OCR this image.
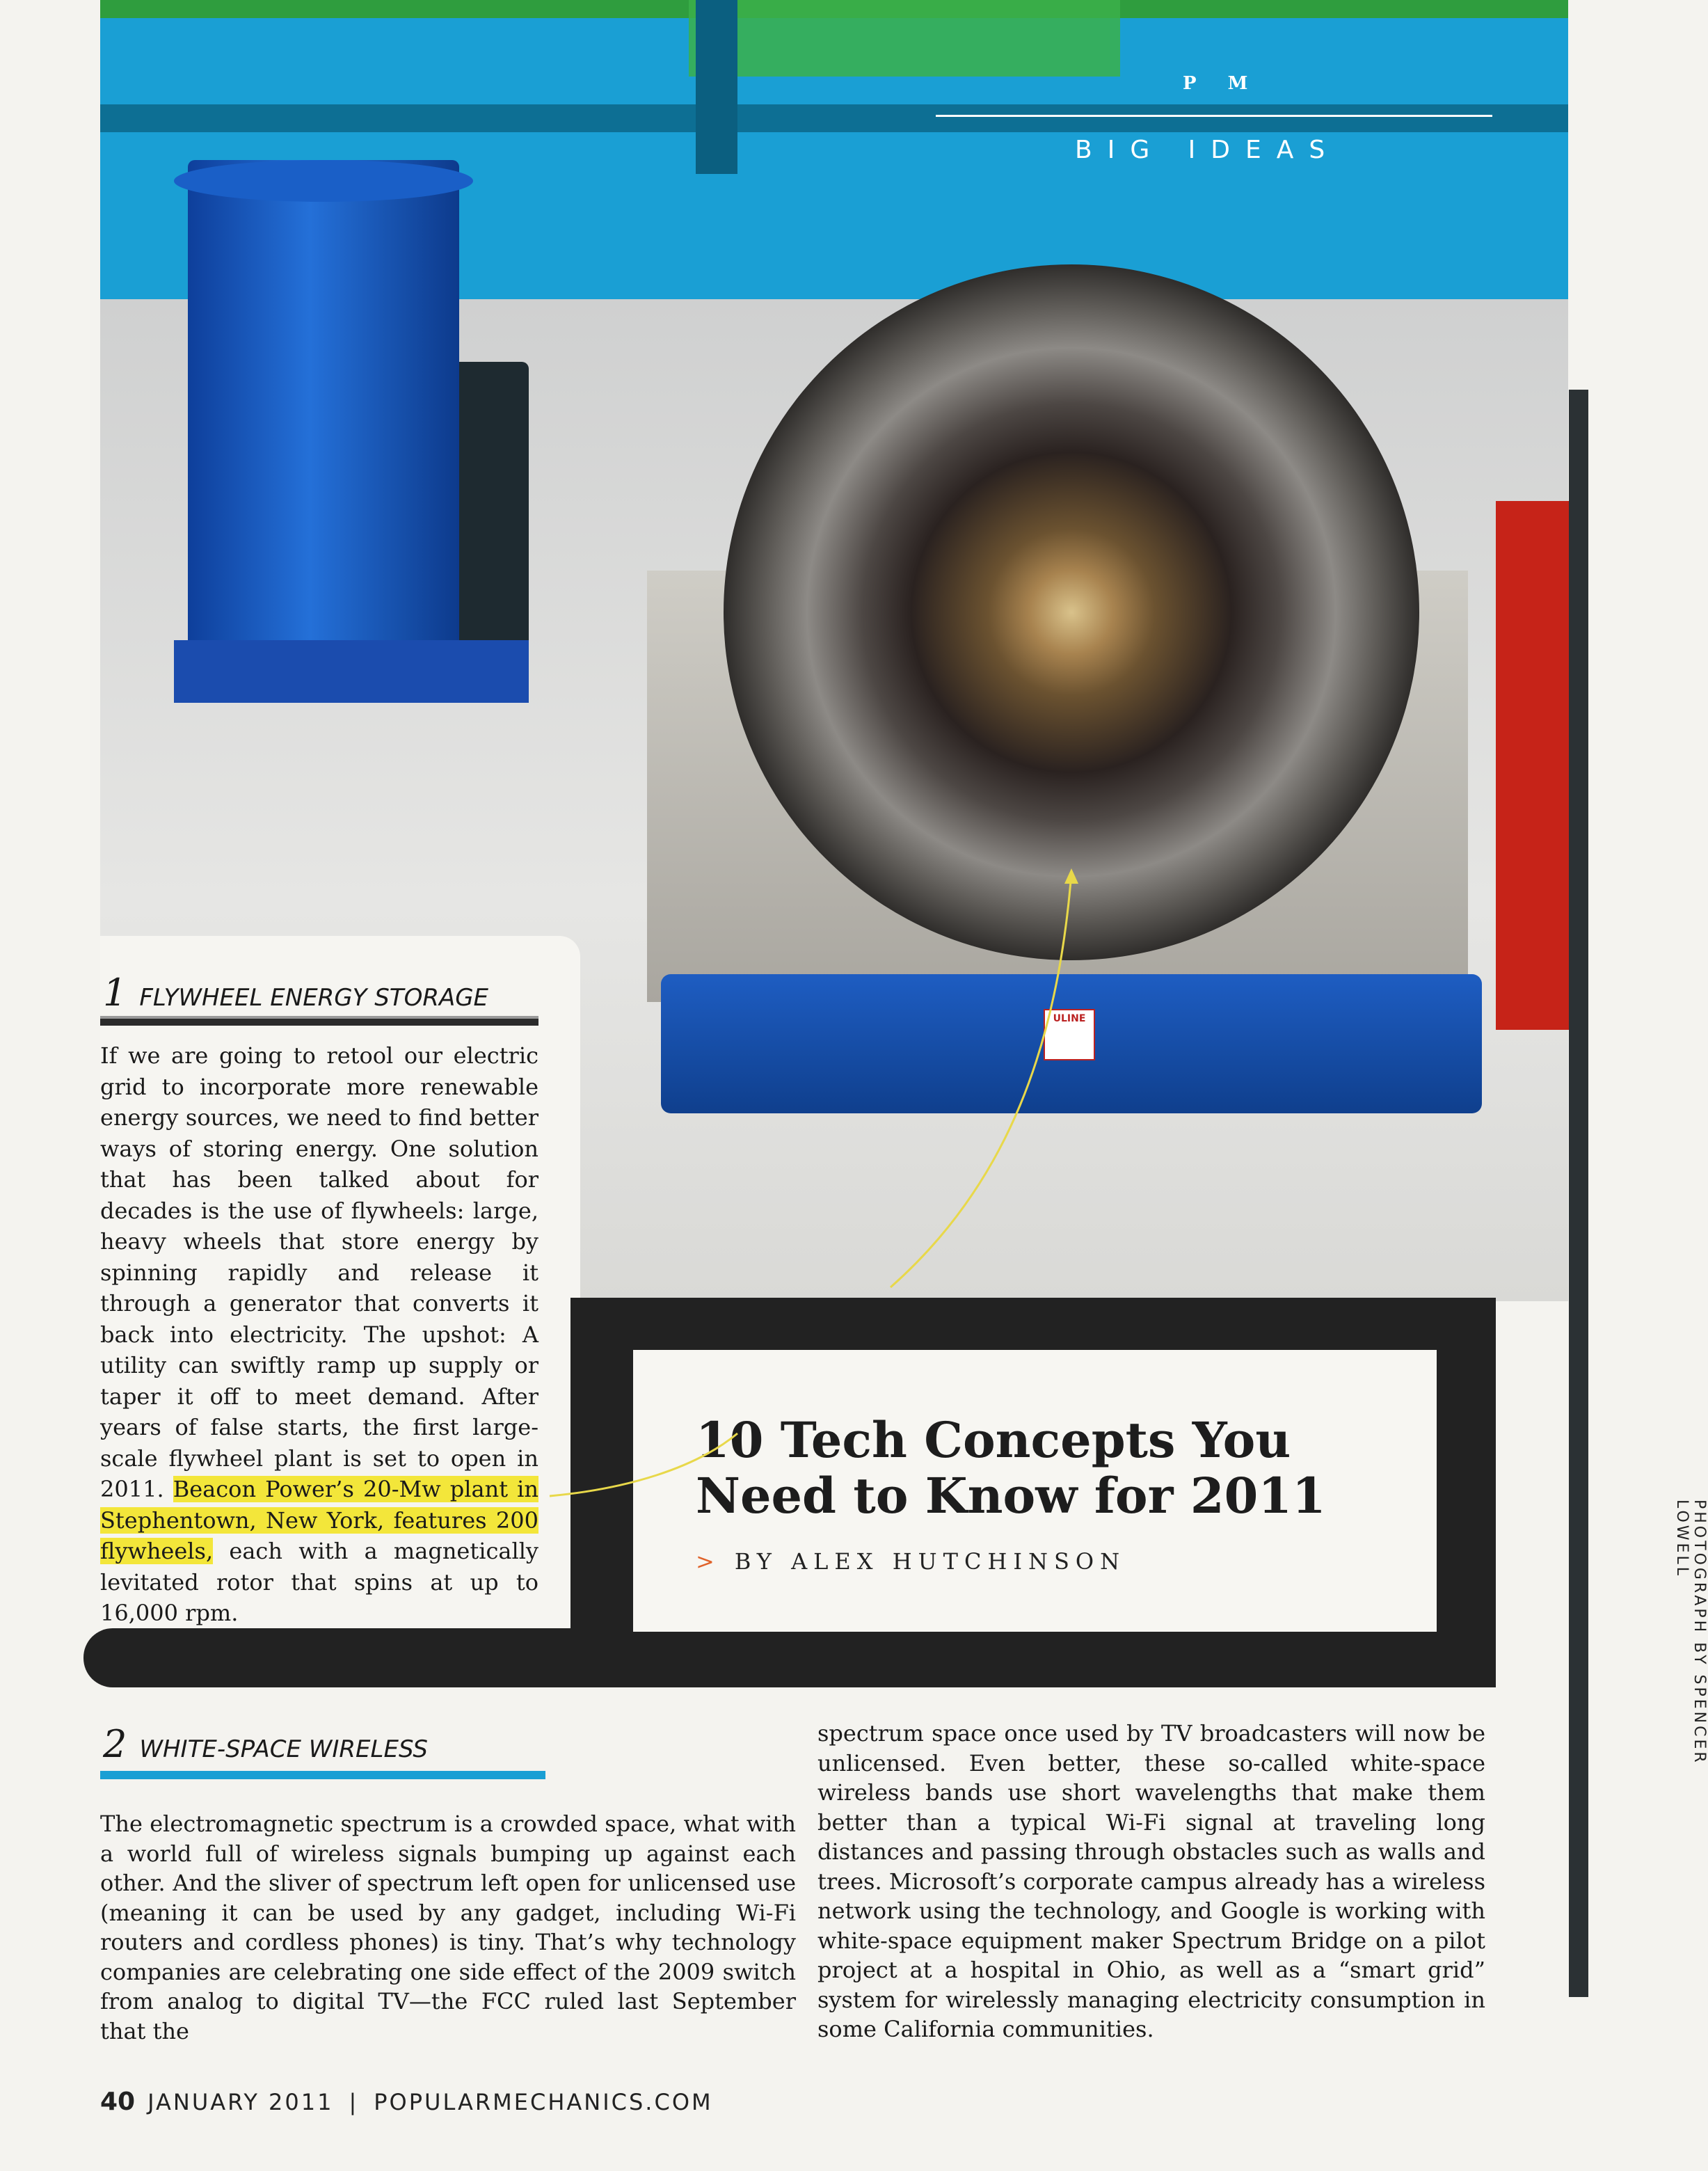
ULINE
P M
BIG IDEAS
PHOTOGRAPH BY SPENCER LOWELL
1 FLYWHEEL ENERGY STORAGE
If we are going to retool our electric grid to incorporate more renewable energy sources, we need to find better ways of storing energy. One solution that has been talked about for decades is the use of flywheels: large, heavy wheels that store energy by spinning rapidly and release it through a generator that converts it back into electricity. The upshot: A utility can swiftly ramp up supply or taper it off to meet demand. After years of false starts, the first large-scale flywheel plant is set to open in 2011. Beacon Power’s 20-Mw plant in Stephentown, New York, features 200 flywheels, each with a magnetically levitated rotor that spins at up to 16,000 rpm.
10 Tech Concepts You Need to Know for 2011
> BY ALEX HUTCHINSON
2 WHITE-SPACE WIRELESS
The electromagnetic spectrum is a crowded space, what with a world full of wireless signals bumping up against each other. And the sliver of spectrum left open for unlicensed use (meaning it can be used by any gadget, including Wi-Fi routers and cordless phones) is tiny. That’s why technology companies are celebrating one side effect of the 2009 switch from analog to digital TV—the FCC ruled last September that the
spectrum space once used by TV broadcasters will now be unlicensed. Even better, these so-called white-space wireless bands use short wavelengths that make them better than a typical Wi-Fi signal at traveling long distances and passing through obstacles such as walls and trees. Microsoft’s corporate campus already has a wireless network using the technology, and Google is working with white-space equipment maker Spectrum Bridge on a pilot project at a hospital in Ohio, as well as a “smart grid” system for wirelessly managing electricity consumption in some California communities.
40 JANUARY 2011 | POPULARMECHANICS.COM
